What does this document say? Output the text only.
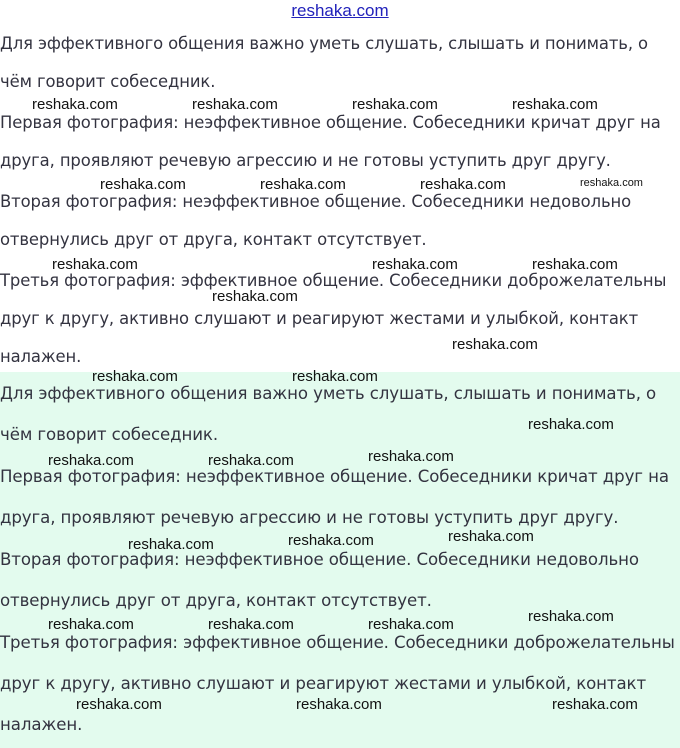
reshaka.com

Для эффективного общения важно уметь слушать, слышать и понимать, о чём говорит собеседник.

Первая фотография: неэффективное общение. Собеседники кричат друг на друга, проявляют речевую агрессию и не готовы уступить друг другу.

Вторая фотография: неэффективное общение. Собеседники недовольно отвернулись друг от друга, контакт отсутствует.

Третья фотография: эффективное общение. Собеседники доброжелательны друг к другу, активно слушают и реагируют жестами и улыбкой, контакт налажен.

Для эффективного общения важно уметь слушать, слышать и понимать, о чём говорит собеседник.

Первая фотография: неэффективное общение. Собеседники кричат друг на друга, проявляют речевую агрессию и не готовы уступить друг другу.

Вторая фотография: неэффективное общение. Собеседники недовольно отвернулись друг от друга, контакт отсутствует.

Третья фотография: эффективное общение. Собеседники доброжелательны друг к другу, активно слушают и реагируют жестами и улыбкой, контакт налажен.

reshaka.com	reshaka.com	reshaka.com	reshaka.com
reshaka.com	reshaka.com	reshaka.com	reshaka.com
reshaka.com	reshaka.com	reshaka.com
reshaka.com
reshaka.com
reshaka.com	reshaka.com
reshaka.com
reshaka.com	reshaka.com	reshaka.com
reshaka.com	reshaka.com	reshaka.com
reshaka.com	reshaka.com	reshaka.com	reshaka.com
reshaka.com	reshaka.com	reshaka.com
